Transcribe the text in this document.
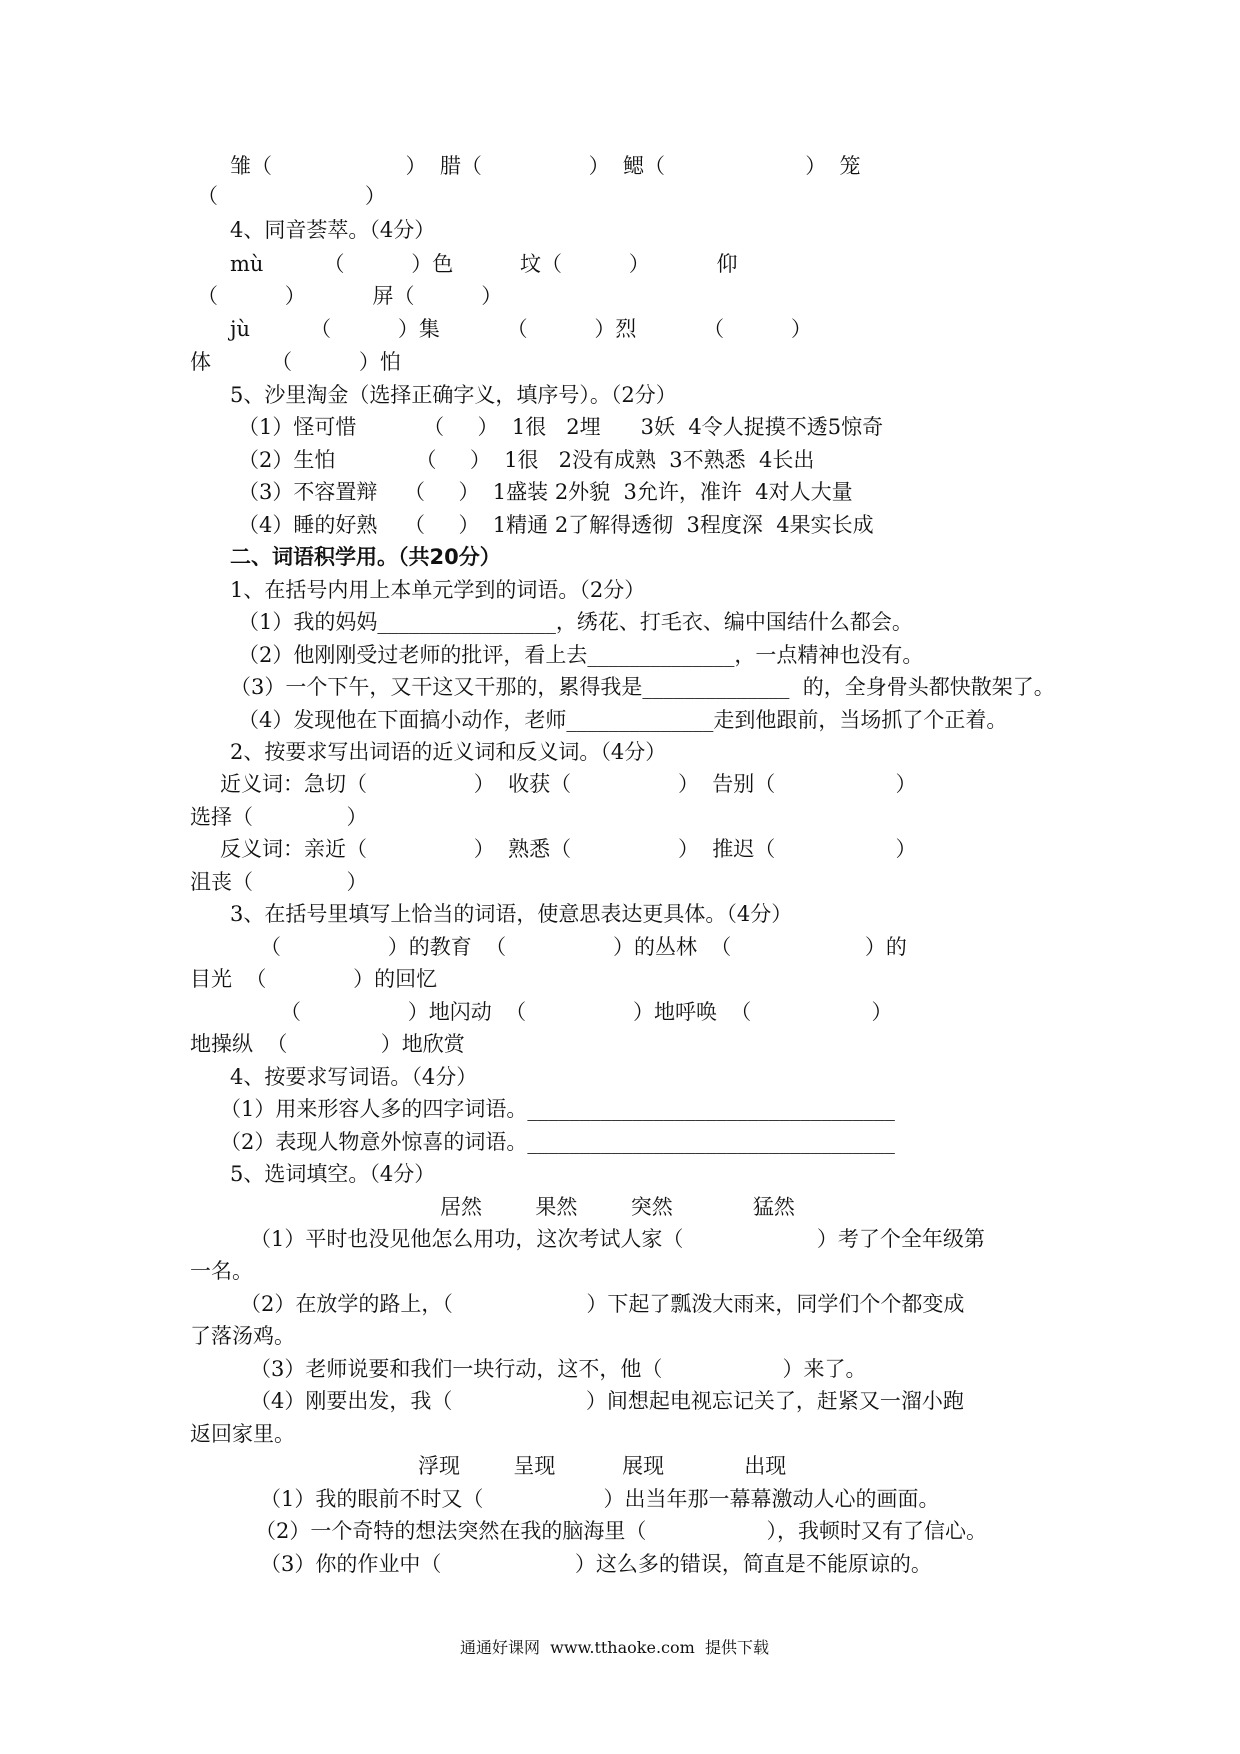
雏（                    ）  腊（                ）  鳃（                     ）  笼
（                      ）
4、同音荟萃。（4分）
mù         （          ）色          坟（          ）          仰
（          ）          屏（          ）
jù         （          ）集          （          ）烈          （          ）
体         （          ）怕
5、沙里淘金（选择正确字义，填序号）。（2分）
（1）怪可惜          （     ）  1很   2埋      3妖  4令人捉摸不透5惊奇
（2）生怕            （     ）  1很   2没有成熟  3不熟悉  4长出
（3）不容置辩    （     ）  1盛装 2外貌  3允许，准许  4对人大量
（4）睡的好熟    （     ）  1精通 2了解得透彻  3程度深  4果实长成
二、词语积学用。（共20分）
1、在括号内用上本单元学到的词语。（2分）
（1）我的妈妈_________________，绣花、打毛衣、编中国结什么都会。
（2）他刚刚受过老师的批评，看上去______________，一点精神也没有。
（3）一个下午，又干这又干那的，累得我是______________  的，全身骨头都快散架了。
（4）发现他在下面搞小动作，老师______________走到他跟前，当场抓了个正着。
2、按要求写出词语的近义词和反义词。（4分）
近义词：急切（                ）  收获（                ）  告别（                  ）
选择（              ）
反义词：亲近（                ）  熟悉（                ）  推迟（                  ）
沮丧（              ）
3、在括号里填写上恰当的词语，使意思表达更具体。（4分）
（                ）的教育  （                ）的丛林  （                    ）的
目光  （             ）的回忆
（                ）地闪动  （                ）地呼唤  （                  ）
地操纵  （              ）地欣赏
4、按要求写词语。（4分）
（1）用来形容人多的四字词语。___________________________________
（2）表现人物意外惊喜的词语。___________________________________
5、选词填空。（4分）
居然        果然        突然            猛然
（1）平时也没见他怎么用功，这次考试人家（                    ）考了个全年级第
一名。
（2）在放学的路上，（                    ）下起了瓢泼大雨来，同学们个个都变成
了落汤鸡。
（3）老师说要和我们一块行动，这不，他（                  ）来了。
（4）刚要出发，我（                    ）间想起电视忘记关了，赶紧又一溜小跑
返回家里。
浮现        呈现          展现            出现
（1）我的眼前不时又（                  ）出当年那一幕幕激动人心的画面。
（2）一个奇特的想法突然在我的脑海里（                  ），我顿时又有了信心。
（3）你的作业中（                    ）这么多的错误，简直是不能原谅的。
通通好课网  www.tthaoke.com  提供下载
